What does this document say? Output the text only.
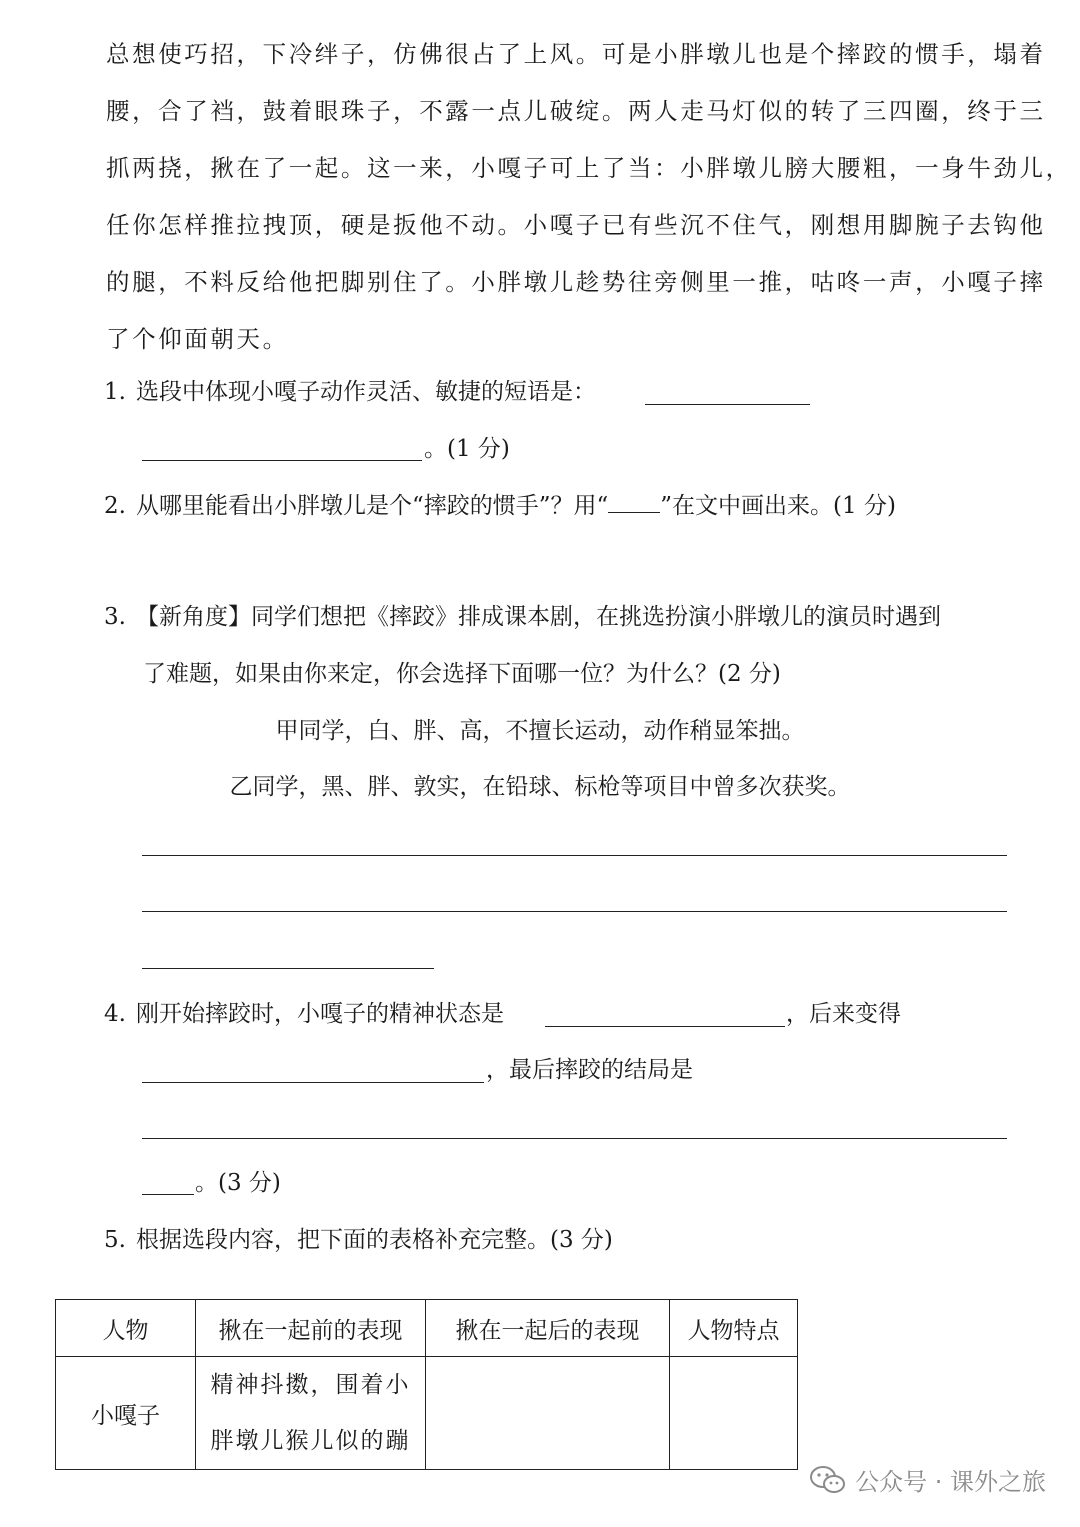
总想使巧招，下冷绊子，仿佛很占了上风。可是小胖墩儿也是个摔跤的惯手，塌着
腰，合了裆，鼓着眼珠子，不露一点儿破绽。两人走马灯似的转了三四圈，终于三
抓两挠，揪在了一起。这一来，小嘎子可上了当：小胖墩儿膀大腰粗，一身牛劲儿，
任你怎样推拉拽顶，硬是扳他不动。小嘎子已有些沉不住气，刚想用脚腕子去钩他
的腿，不料反给他把脚别住了。小胖墩儿趁势往旁侧里一推，咕咚一声，小嘎子摔
了个仰面朝天。
1. 选段中体现小嘎子动作灵活、敏捷的短语是：
。(1 分)
2. 从哪里能看出小胖墩儿是个“摔跤的惯手”？用“ ”在文中画出来。(1 分)
3. 【新角度】同学们想把《摔跤》排成课本剧，在挑选扮演小胖墩儿的演员时遇到
了难题，如果由你来定，你会选择下面哪一位？为什么？(2 分)
甲同学，白、胖、高，不擅长运动，动作稍显笨拙。
乙同学，黑、胖、敦实，在铅球、标枪等项目中曾多次获奖。
4. 刚开始摔跤时，小嘎子的精神状态是	，后来变得
，最后摔跤的结局是
。(3 分)
5. 根据选段内容，把下面的表格补充完整。(3 分)
人物	揪在一起前的表现	揪在一起后的表现	人物特点
小嘎子	精神抖擞，围着小
胖墩儿猴儿似的蹦		

公众号 · 课外之旅
